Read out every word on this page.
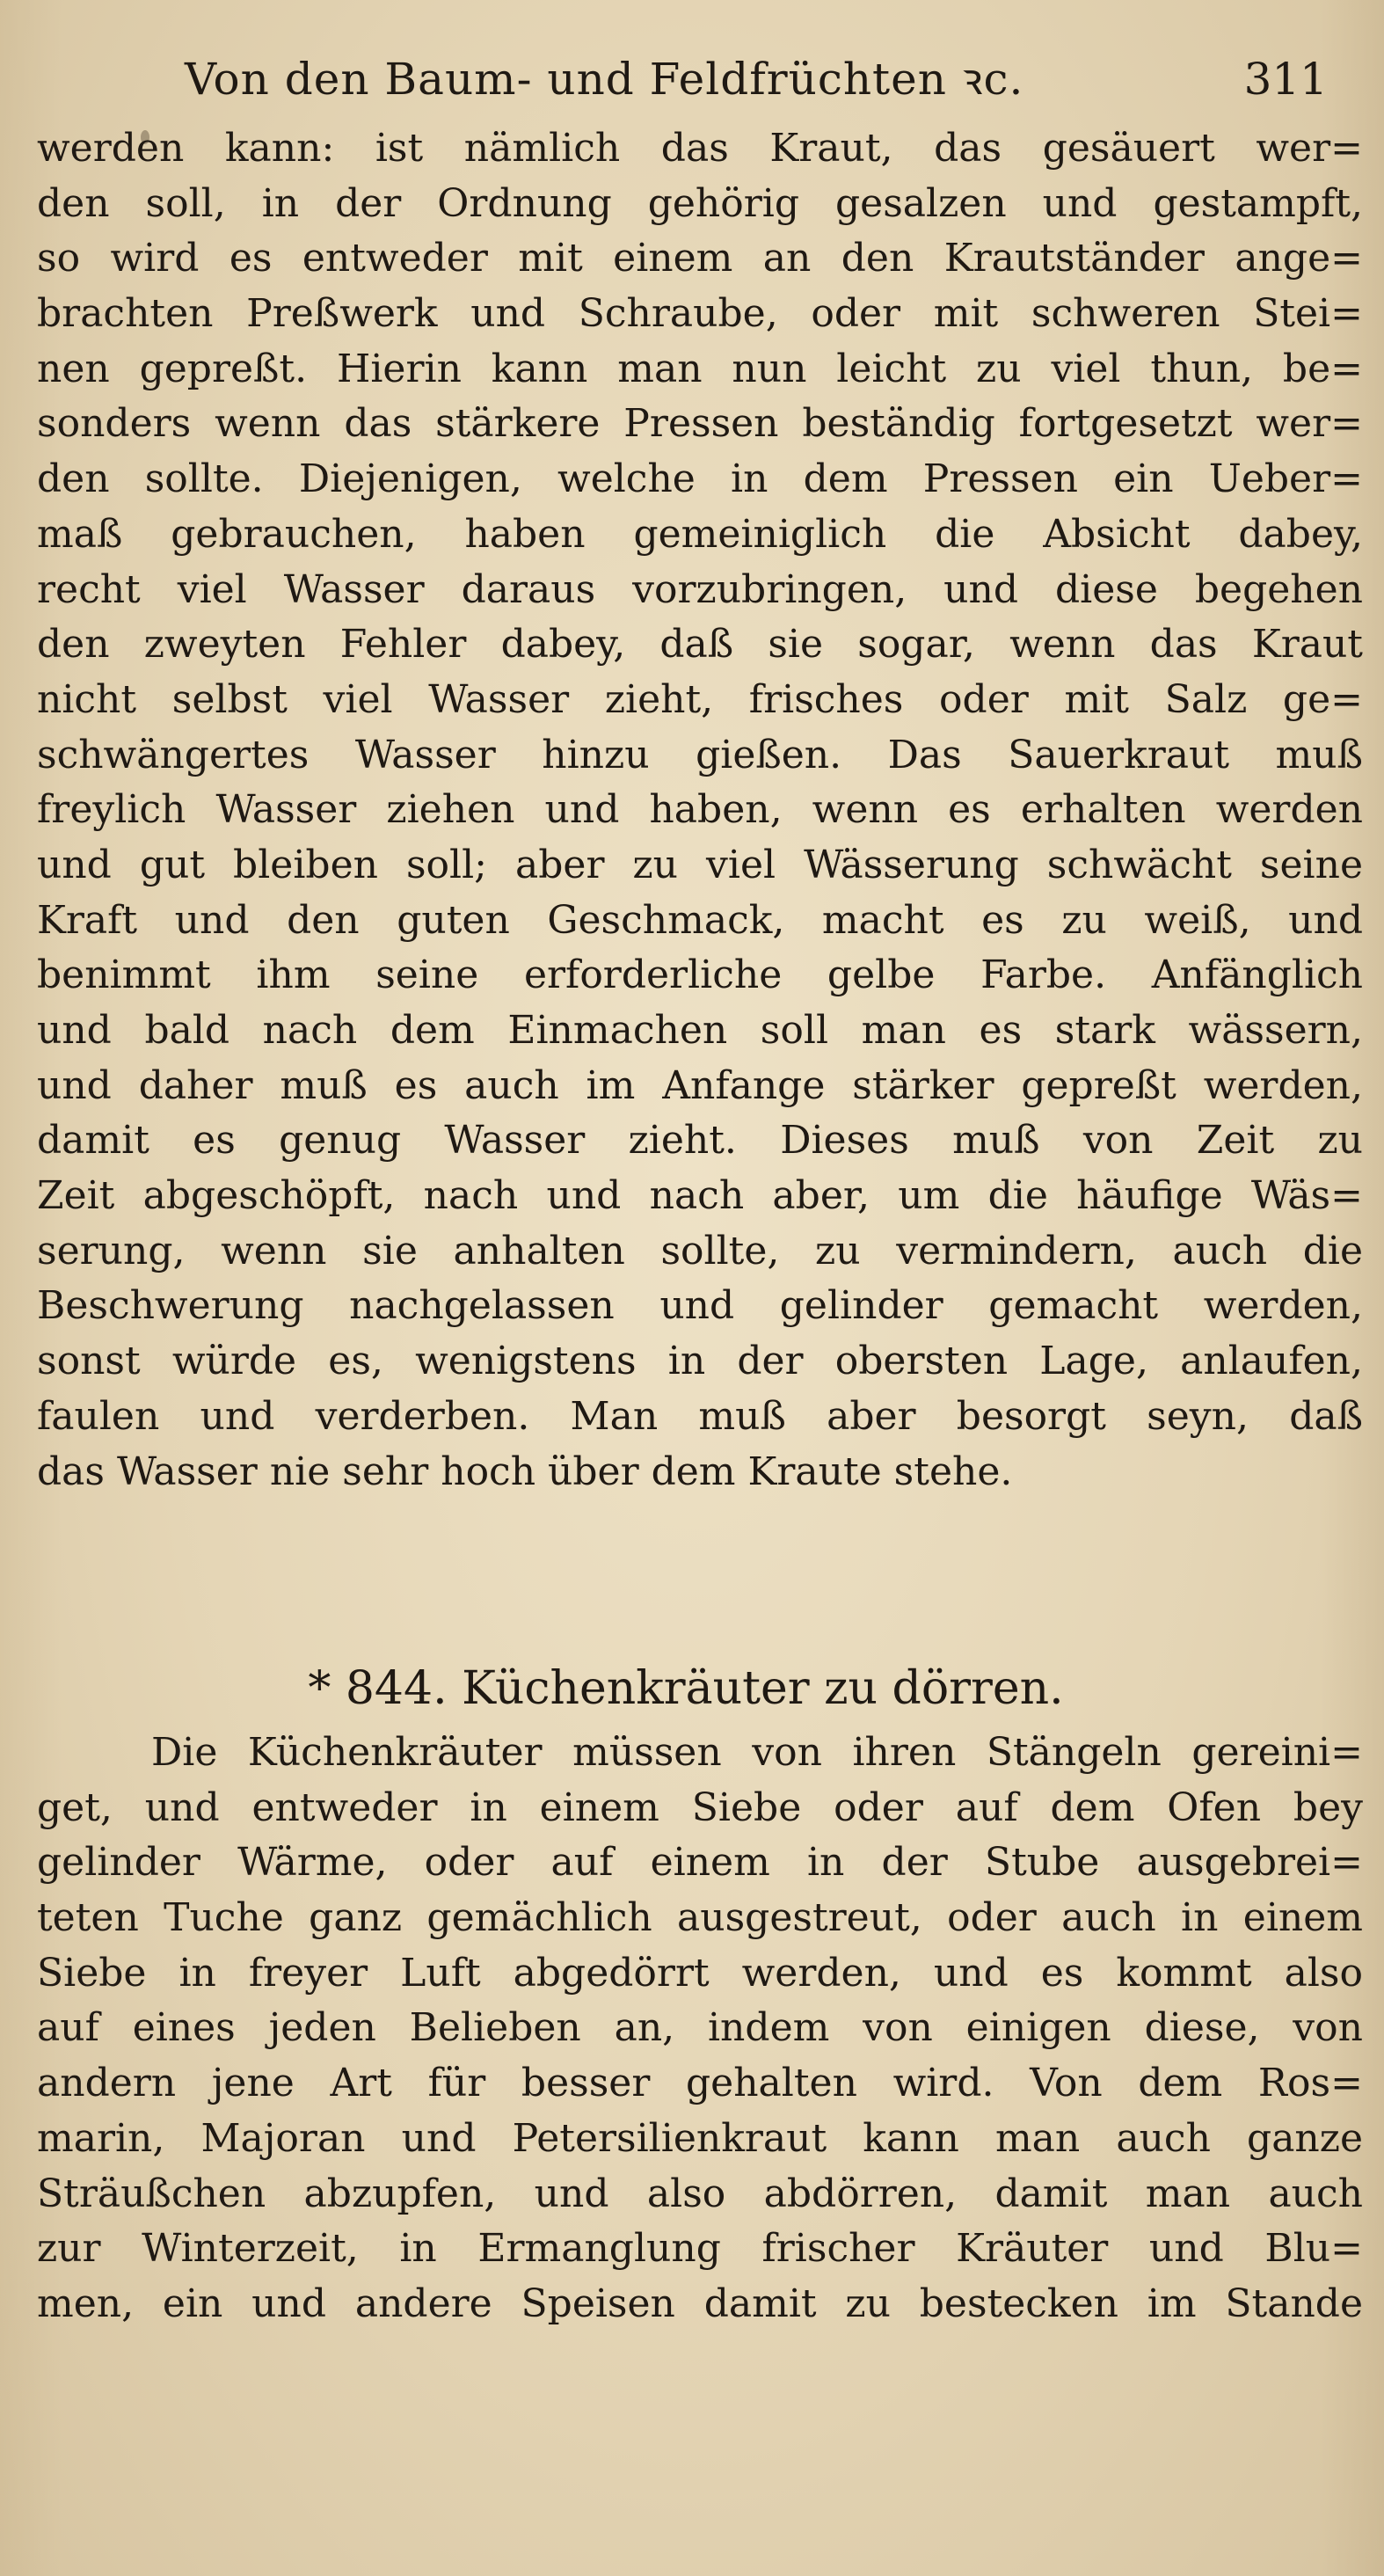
Von den Baum- und Feldfrüchten ꝛc.	311
werden kann: ist nämlich das Kraut, das gesäuert wer=
den soll, in der Ordnung gehörig gesalzen und gestampft,
so wird es entweder mit einem an den Krautständer ange=
brachten Preßwerk und Schraube, oder mit schweren Stei=
nen gepreßt. Hierin kann man nun leicht zu viel thun, be=
sonders wenn das stärkere Pressen beständig fortgesetzt wer=
den sollte. Diejenigen, welche in dem Pressen ein Ueber=
maß gebrauchen, haben gemeiniglich die Absicht dabey,
recht viel Wasser daraus vorzubringen, und diese begehen
den zweyten Fehler dabey, daß sie sogar, wenn das Kraut
nicht selbst viel Wasser zieht, frisches oder mit Salz ge=
schwängertes Wasser hinzu gießen. Das Sauerkraut muß
freylich Wasser ziehen und haben, wenn es erhalten werden
und gut bleiben soll; aber zu viel Wässerung schwächt seine
Kraft und den guten Geschmack, macht es zu weiß, und
benimmt ihm seine erforderliche gelbe Farbe. Anfänglich
und bald nach dem Einmachen soll man es stark wässern,
und daher muß es auch im Anfange stärker gepreßt werden,
damit es genug Wasser zieht. Dieses muß von Zeit zu
Zeit abgeschöpft, nach und nach aber, um die häufige Wäs=
serung, wenn sie anhalten sollte, zu vermindern, auch die
Beschwerung nachgelassen und gelinder gemacht werden,
sonst würde es, wenigstens in der obersten Lage, anlaufen,
faulen und verderben. Man muß aber besorgt seyn, daß
das Wasser nie sehr hoch über dem Kraute stehe.
* 844. Küchenkräuter zu dörren.
Die Küchenkräuter müssen von ihren Stängeln gereini=
get, und entweder in einem Siebe oder auf dem Ofen bey
gelinder Wärme, oder auf einem in der Stube ausgebrei=
teten Tuche ganz gemächlich ausgestreut, oder auch in einem
Siebe in freyer Luft abgedörrt werden, und es kommt also
auf eines jeden Belieben an, indem von einigen diese, von
andern jene Art für besser gehalten wird. Von dem Ros=
marin, Majoran und Petersilienkraut kann man auch ganze
Sträußchen abzupfen, und also abdörren, damit man auch
zur Winterzeit, in Ermanglung frischer Kräuter und Blu=
men, ein und andere Speisen damit zu bestecken im Stande
